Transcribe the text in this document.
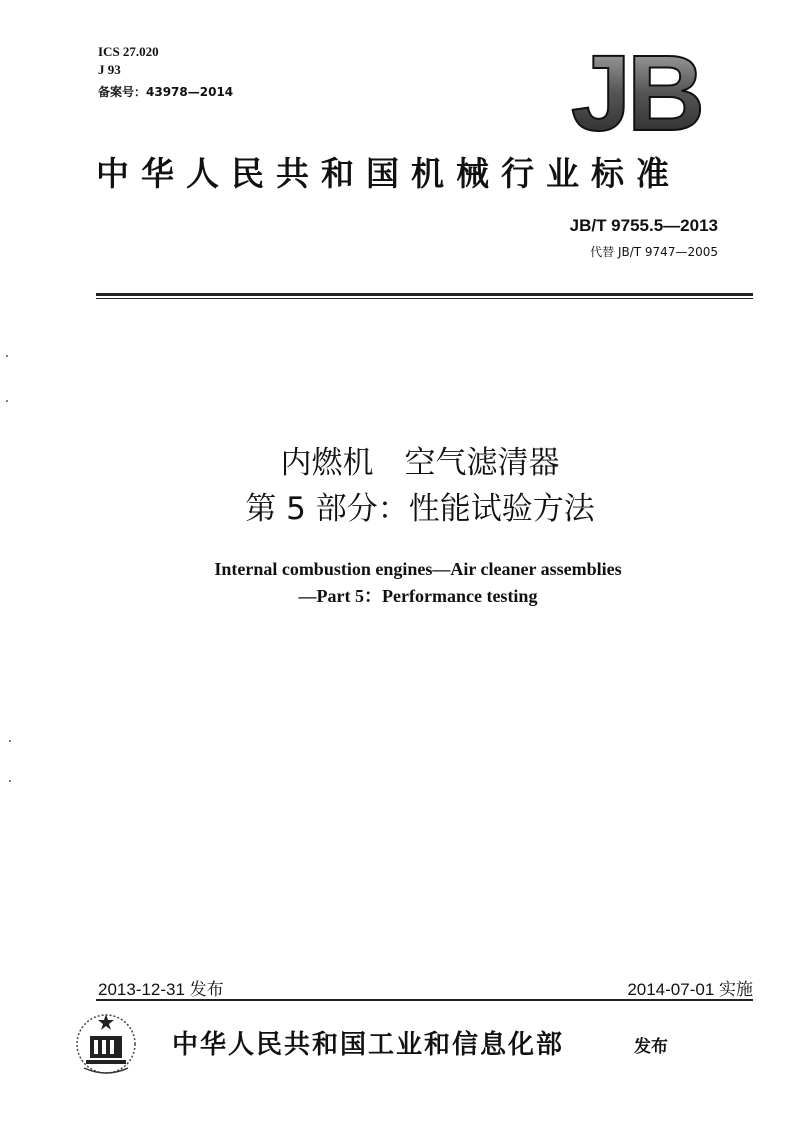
ICS 27.020
J 93
备案号：43978—2014	JB
中华人民共和国机械行业标准
JB/T 9755.5—2013
代替 JB/T 9747—2005
内燃机　空气滤清器
第 5 部分：性能试验方法
Internal combustion engines—Air cleaner assemblies
—Part 5：Performance testing
2013-12-31 发布	2014-07-01 实施
中华人民共和国工业和信息化部	发布
